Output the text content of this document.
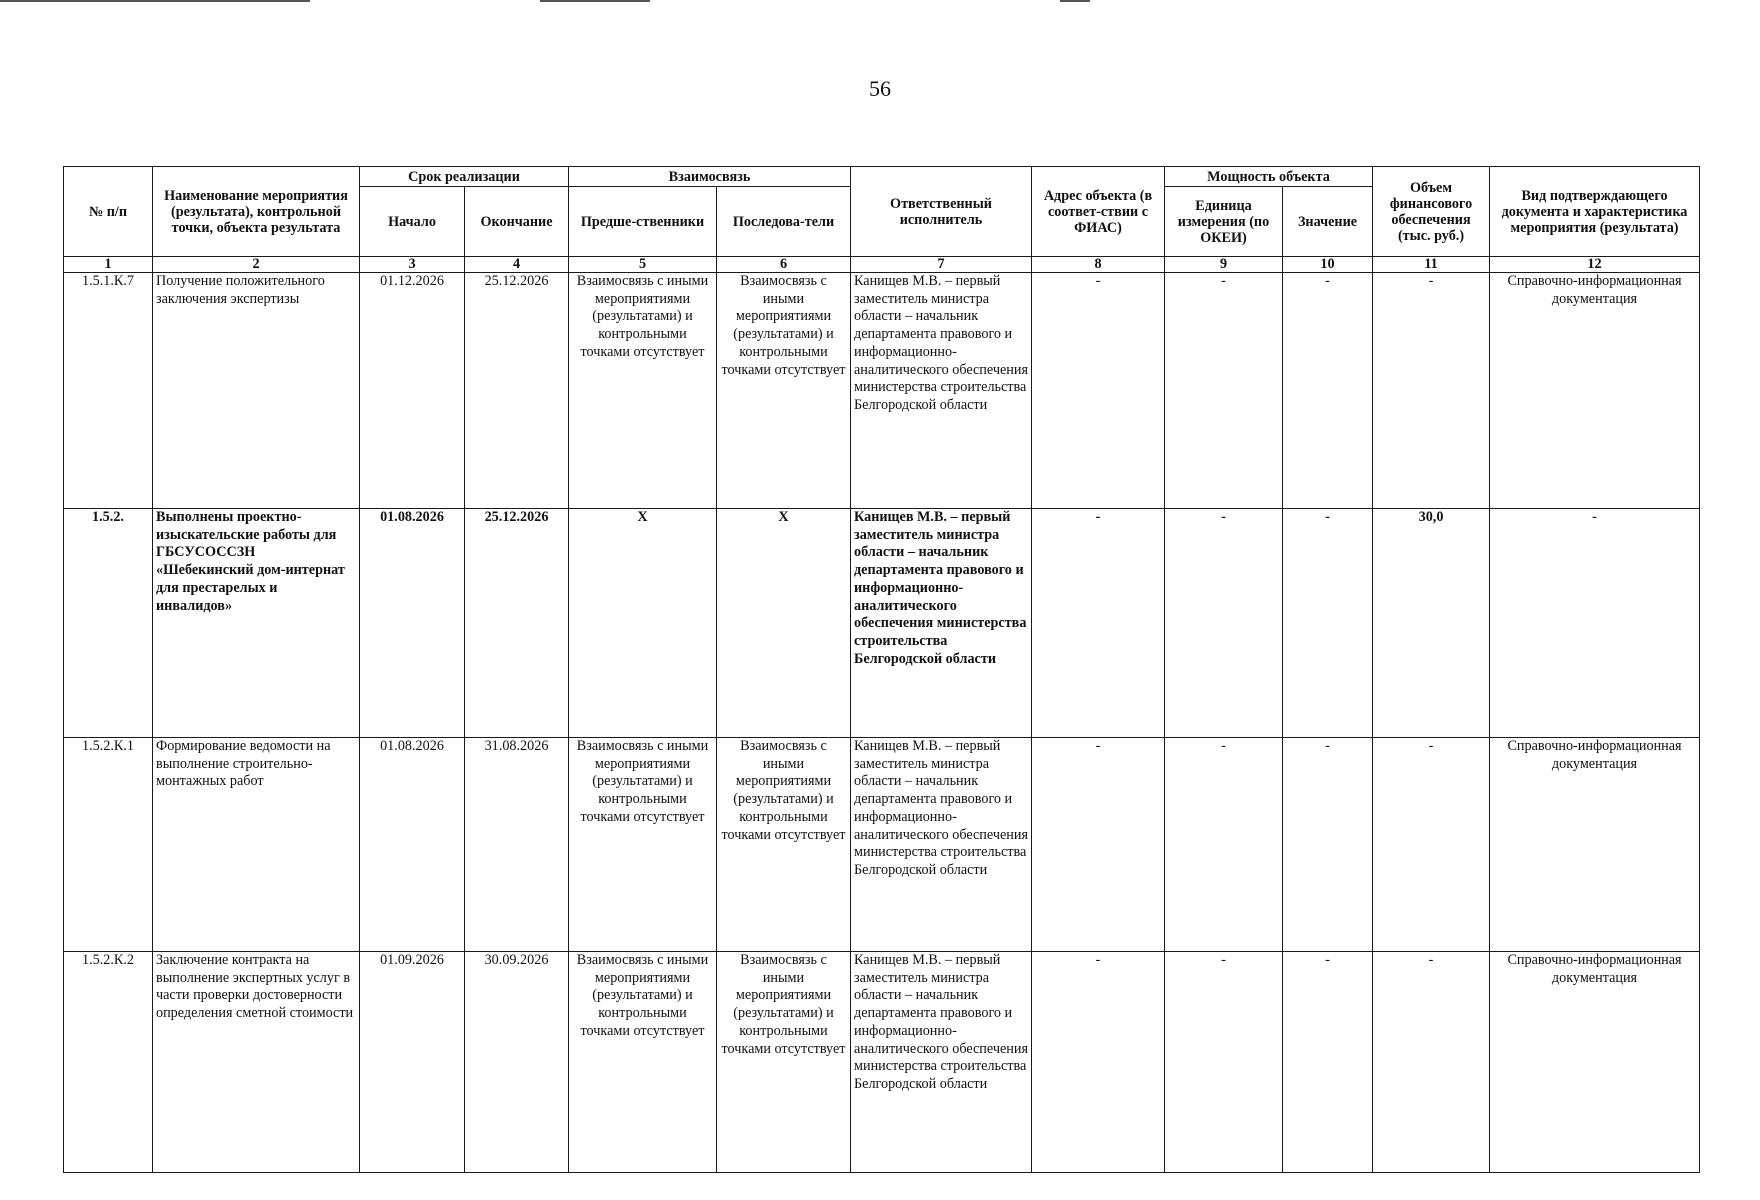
56
№ п/п	Наименование мероприятия (результата), контрольной точки, объекта результата	Срок реализации		Взаимосвязь		Ответственный исполнитель	Адрес объекта (в соответ-ствии с ФИАС)	Мощность объекта		Объем финансового обеспечения (тыс. руб.)	Вид подтверждающего документа и характеристика мероприятия (результата)
		Начало	Окончание	Предше-ственники	Последова-тели			Единица измерения (по ОКЕИ)	Значение		
1	2	3	4	5	6	7	8	9	10	11	12
1.5.1.К.7	Получение положительного заключения экспертизы	01.12.2026	25.12.2026	Взаимосвязь с иными мероприятиями (результатами) и контрольными точками отсутствует	Взаимосвязь с иными мероприятиями (результатами) и контрольными точками отсутствует	Канищев М.В. – первый заместитель министра области – начальник департамента правового и информационно-аналитического обеспечения министерства строительства Белгородской области	-	-	-	-	Справочно-информационная документация
1.5.2.	Выполнены проектно-изыскательские работы для ГБСУСОССЗН «Шебекинский дом-интернат для престарелых и инвалидов»	01.08.2026	25.12.2026	Х	Х	Канищев М.В. – первый заместитель министра области – начальник департамента правового и информационно-аналитического обеспечения министерства строительства Белгородской области	-	-	-	30,0	-
1.5.2.К.1	Формирование ведомости на выполнение строительно-монтажных работ	01.08.2026	31.08.2026	Взаимосвязь с иными мероприятиями (результатами) и контрольными точками отсутствует	Взаимосвязь с иными мероприятиями (результатами) и контрольными точками отсутствует	Канищев М.В. – первый заместитель министра области – начальник департамента правового и информационно-аналитического обеспечения министерства строительства Белгородской области	-	-	-	-	Справочно-информационная документация
1.5.2.К.2	Заключение контракта на выполнение экспертных услуг в части проверки достоверности определения сметной стоимости	01.09.2026	30.09.2026	Взаимосвязь с иными мероприятиями (результатами) и контрольными точками отсутствует	Взаимосвязь с иными мероприятиями (результатами) и контрольными точками отсутствует	Канищев М.В. – первый заместитель министра области – начальник департамента правового и информационно-аналитического обеспечения министерства строительства Белгородской области	-	-	-	-	Справочно-информационная документация
